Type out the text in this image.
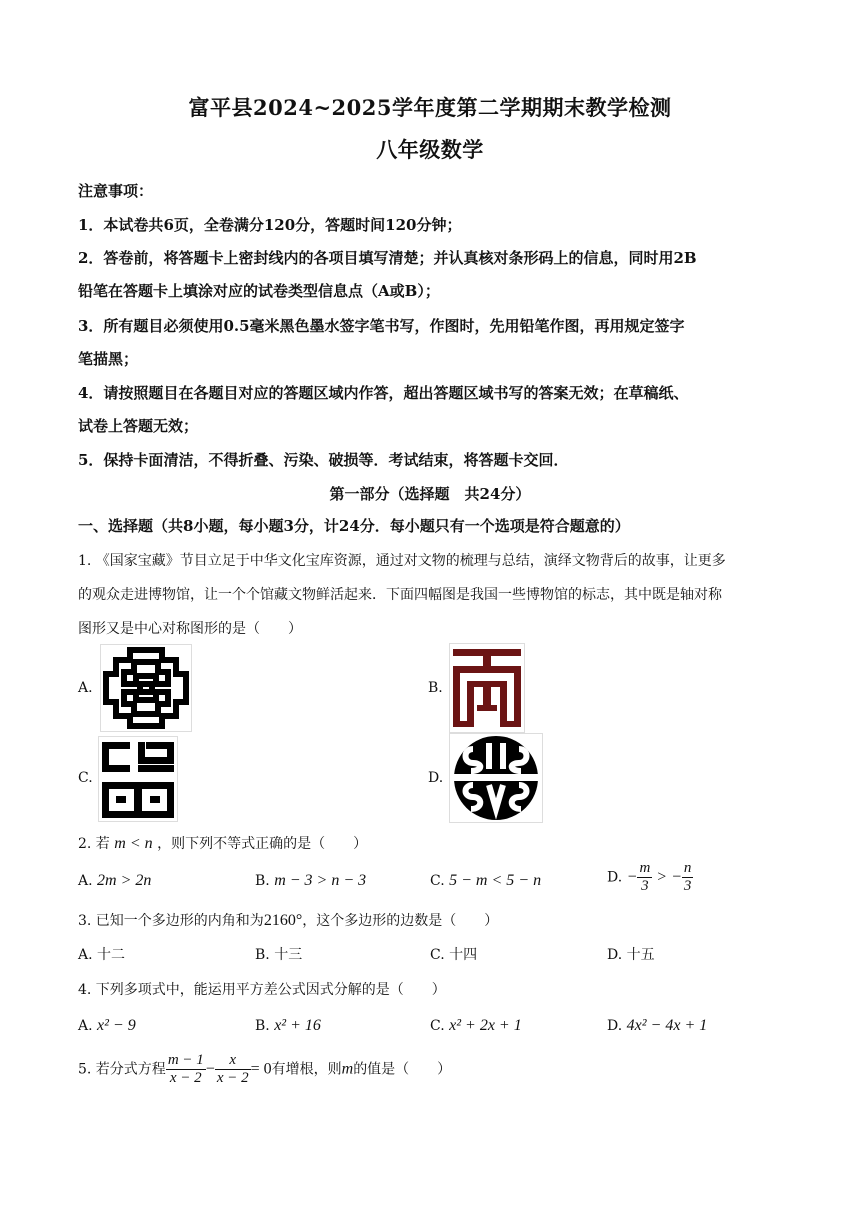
富平县2024~2025学年度第二学期期末教学检测
八年级数学
注意事项：
1．本试卷共6页，全卷满分120分，答题时间120分钟；
2．答卷前，将答题卡上密封线内的各项目填写清楚；并认真核对条形码上的信息，同时用2B
铅笔在答题卡上填涂对应的试卷类型信息点（A或B）；
3．所有题目必须使用0.5毫米黑色墨水签字笔书写，作图时，先用铅笔作图，再用规定签字
笔描黑；
4．请按照题目在各题目对应的答题区域内作答，超出答题区域书写的答案无效；在草稿纸、
试卷上答题无效；
5．保持卡面清洁，不得折叠、污染、破损等．考试结束，将答题卡交回．
第一部分（选择题　共24分）
一、选择题（共8小题，每小题3分，计24分．每小题只有一个选项是符合题意的）
1. 《国家宝藏》节目立足于中华文化宝库资源，通过对文物的梳理与总结，演绎文物背后的故事，让更多
的观众走进博物馆，让一个个馆藏文物鲜活起来．下面四幅图是我国一些博物馆的标志，其中既是轴对称
图形又是中心对称图形的是（　　）
A.	B.
C.	D.
2. 若 m < n ，则下列不等式正确的是（　　）
A. 2m > 2n	B. m − 3 > n − 3	C. 5 − m < 5 − n	D. − $\frac{m}{3}$ > − $\frac{n}{3}$
3. 已知一个多边形的内角和为2160°，这个多边形的边数是（　　）
A. 十二	B. 十三	C. 十四	D. 十五
4. 下列多项式中，能运用平方差公式因式分解的是（　　）
A. x² − 9	B. x² + 16	C. x² + 2x + 1	D. 4x² − 4x + 1
5. 若分式方程 $\frac{m - 1}{x - 2} - \frac{x}{x - 2} = 0$有增根，则m的值是（　　）
